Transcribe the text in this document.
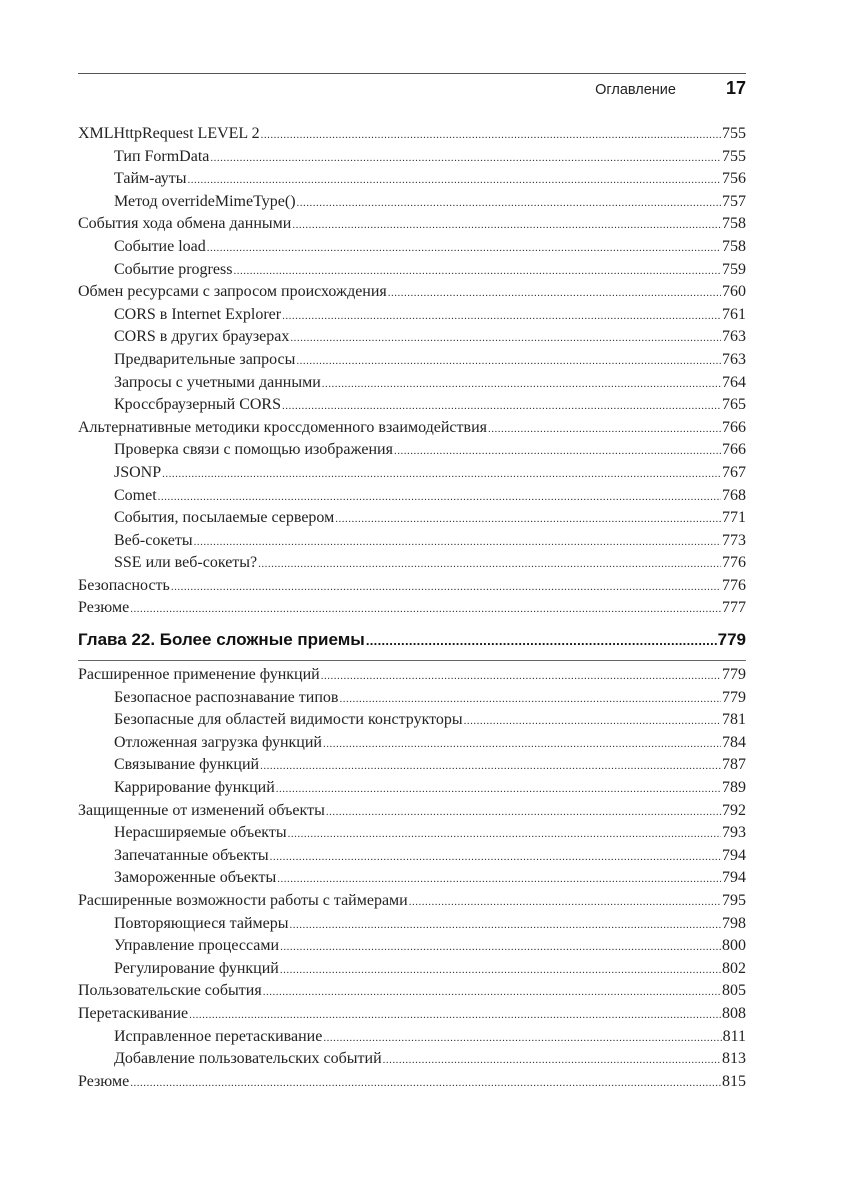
Оглавление	17
XMLHttpRequest LEVEL 2 .....	755
Тип FormData .....	755
Тайм-ауты .....	756
Метод overrideMimeType() .....	757
События хода обмена данными .....	758
Событие load .....	758
Событие progress .....	759
Обмен ресурсами с запросом происхождения .....	760
CORS в Internet Explorer .....	761
CORS в других браузерах .....	763
Предварительные запросы .....	763
Запросы с учетными данными .....	764
Кроссбраузерный CORS .....	765
Альтернативные методики кроссдоменного взаимодействия .....	766
Проверка связи с помощью изображения .....	766
JSONP .....	767
Comet .....	768
События, посылаемые сервером .....	771
Веб-сокеты .....	773
SSE или веб-сокеты? .....	776
Безопасность .....	776
Резюме .....	777
Глава 22. Более сложные приемы .....	779
Расширенное применение функций .....	779
Безопасное распознавание типов .....	779
Безопасные для областей видимости конструкторы .....	781
Отложенная загрузка функций .....	784
Связывание функций .....	787
Каррирование функций .....	789
Защищенные от изменений объекты .....	792
Нерасширяемые объекты .....	793
Запечатанные объекты .....	794
Замороженные объекты .....	794
Расширенные возможности работы с таймерами .....	795
Повторяющиеся таймеры .....	798
Управление процессами .....	800
Регулирование функций .....	802
Пользовательские события .....	805
Перетаскивание .....	808
Исправленное перетаскивание .....	811
Добавление пользовательских событий .....	813
Резюме .....	815
